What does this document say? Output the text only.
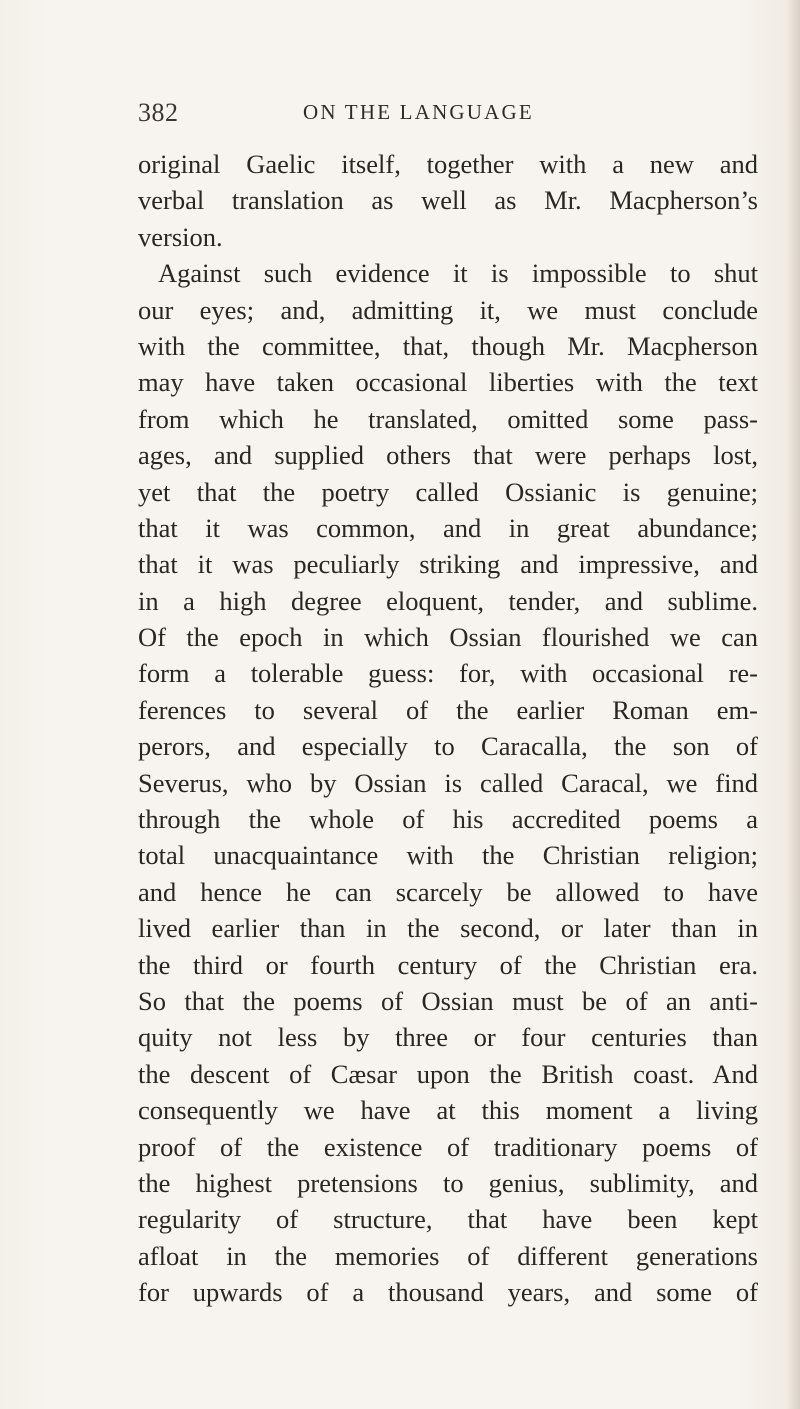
382	ON THE LANGUAGE
original Gaelic itself, together with a new and
verbal translation as well as Mr. Macpherson’s
version.
Against such evidence it is impossible to shut
our eyes; and, admitting it, we must conclude
with the committee, that, though Mr. Macpherson
may have taken occasional liberties with the text
from which he translated, omitted some pass-
ages, and supplied others that were perhaps lost,
yet that the poetry called Ossianic is genuine;
that it was common, and in great abundance;
that it was peculiarly striking and impressive, and
in a high degree eloquent, tender, and sublime.
Of the epoch in which Ossian flourished we can
form a tolerable guess: for, with occasional re-
ferences to several of the earlier Roman em-
perors, and especially to Caracalla, the son of
Severus, who by Ossian is called Caracal, we find
through the whole of his accredited poems a
total unacquaintance with the Christian religion;
and hence he can scarcely be allowed to have
lived earlier than in the second, or later than in
the third or fourth century of the Christian era.
So that the poems of Ossian must be of an anti-
quity not less by three or four centuries than
the descent of Cæsar upon the British coast. And
consequently we have at this moment a living
proof of the existence of traditionary poems of
the highest pretensions to genius, sublimity, and
regularity of structure, that have been kept
afloat in the memories of different generations
for upwards of a thousand years, and some of
